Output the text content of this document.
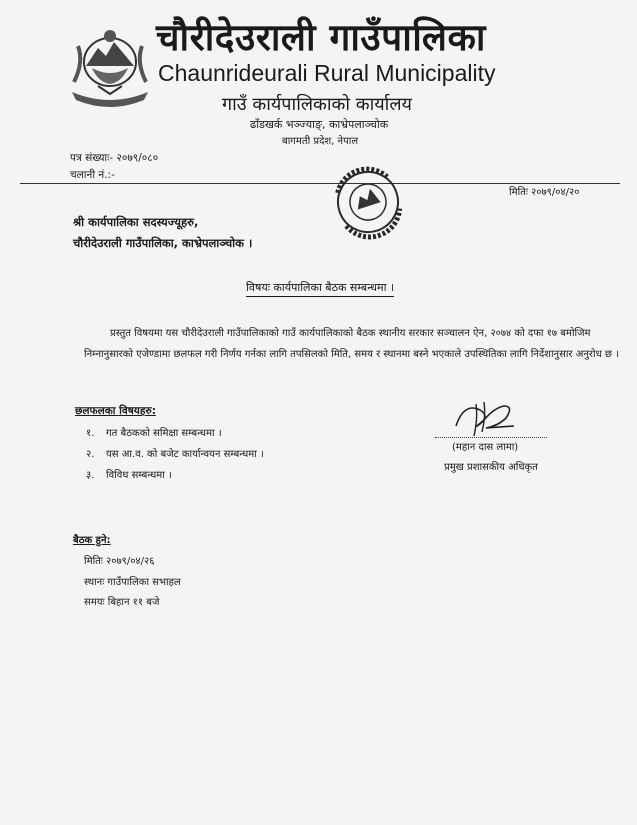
चौरीदेउराली गाउँपालिका
Chaunrideurali Rural Municipality
गाउँ कार्यपालिकाको कार्यालय
ढाँडखर्क भञ्ज्याङ्, काभ्रेपलाञ्चोक
बागमती प्रदेश, नेपाल
पत्र संख्याः- २०७९/०८०
चलानी नं.:-
मितिः २०७९/०४/२०
श्री कार्यपालिका सदस्यज्यूहरु,
चौरीदेउराली गाउँपालिका, काभ्रेपलाञ्चोक ।
विषयः कार्यपालिका बैठक सम्बन्धमा ।
प्रस्तुत विषयमा यस चौरीदेउराली गाउँपालिकाको गाउँ कार्यपालिकाको बैठक स्थानीय सरकार सञ्चालन ऐन, २०७४ को दफा १७ बमोजिम निम्नानुसारको एजेण्डामा छलफल गरी निर्णय गर्नका लागि तपसिलको मिति, समय र स्थानमा बस्ने भएकाले उपस्थितिका लागि निर्देशानुसार अनुरोध छ ।
छलफलका विषयहरु:
१. गत बैठकको समिक्षा सम्बन्धमा ।
२. यस आ.व. को बजेट कार्यान्वयन सम्बन्धमा ।
३. विविध सम्बन्धमा ।
(महान दास लामा)
प्रमुख प्रशासकीय अधिकृत
बैठक हुने:
मितिः २०७९/०४/२६
स्थानः गाउँपालिका सभाहल
समयः बिहान ११ बजे
